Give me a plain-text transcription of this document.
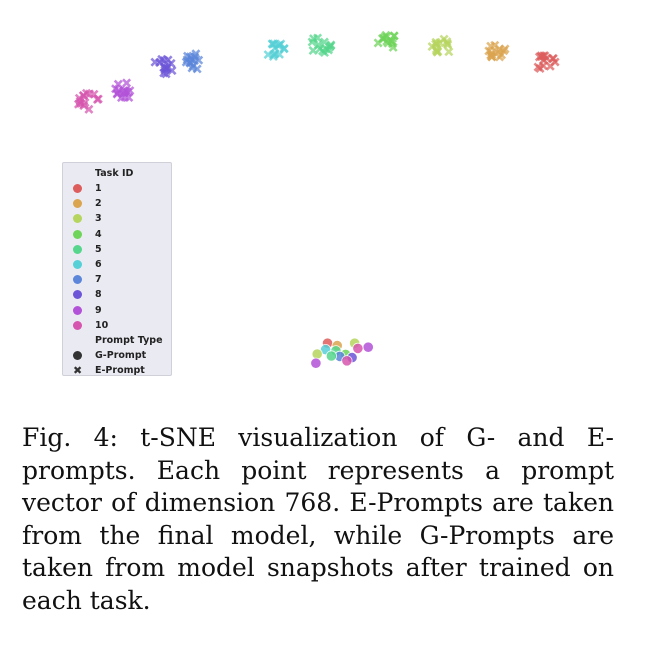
Task ID
1
2
3
4
5
6
7
8
9
10
Prompt Type
G-Prompt
✖ E-Prompt

Fig. 4: t-SNE visualization of G- and E-prompts. Each point represents a prompt vector of dimension 768. E-Prompts are taken from the final model, while G-Prompts are taken from model snapshots after trained on each task.
